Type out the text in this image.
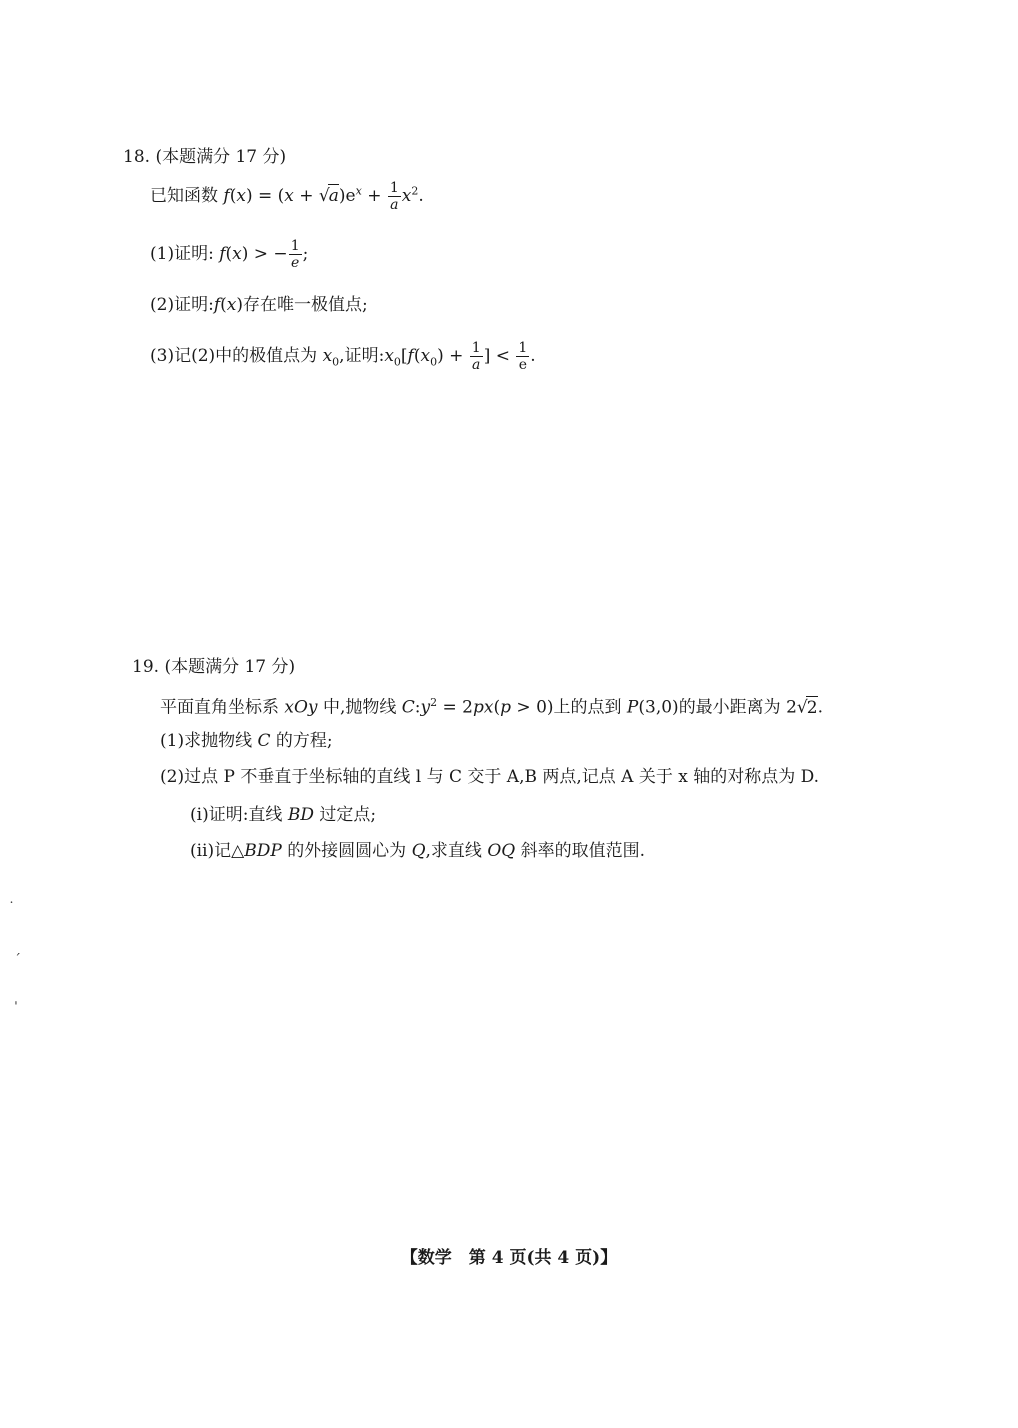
18. (本题满分 17 分)
已知函数 $f(x) = (x + √a)e^x + \frac{1}{a} x^2$.
(1)证明: f(x) > − $\frac{1}{e}$ ;
(2)证明:f(x)存在唯一极值点;
(3)记(2)中的极值点为 $x_0$,证明$:x_0[f(x_0) + \frac{1}{a}$ ] < $\frac{1}{e}$ .
19. (本题满分 17 分)
平面直角坐标系 xOy 中,抛物线 $C:y^2 = 2px(p > 0)$上的点到 P(3,0)的最小距离为 2√2.
(1)求抛物线 C 的方程;
(2)过点 P 不垂直于坐标轴的直线 l 与 C 交于 A,B 两点,记点 A 关于 x 轴的对称点为 D.
(ⅰ)证明:直线 BD 过定点;
(ⅱ)记△BDP 的外接圆圆心为 Q,求直线 OQ 斜率的取值范围.
˙
ˊ
ˈ
【数学　第 4 页(共 4 页)】
